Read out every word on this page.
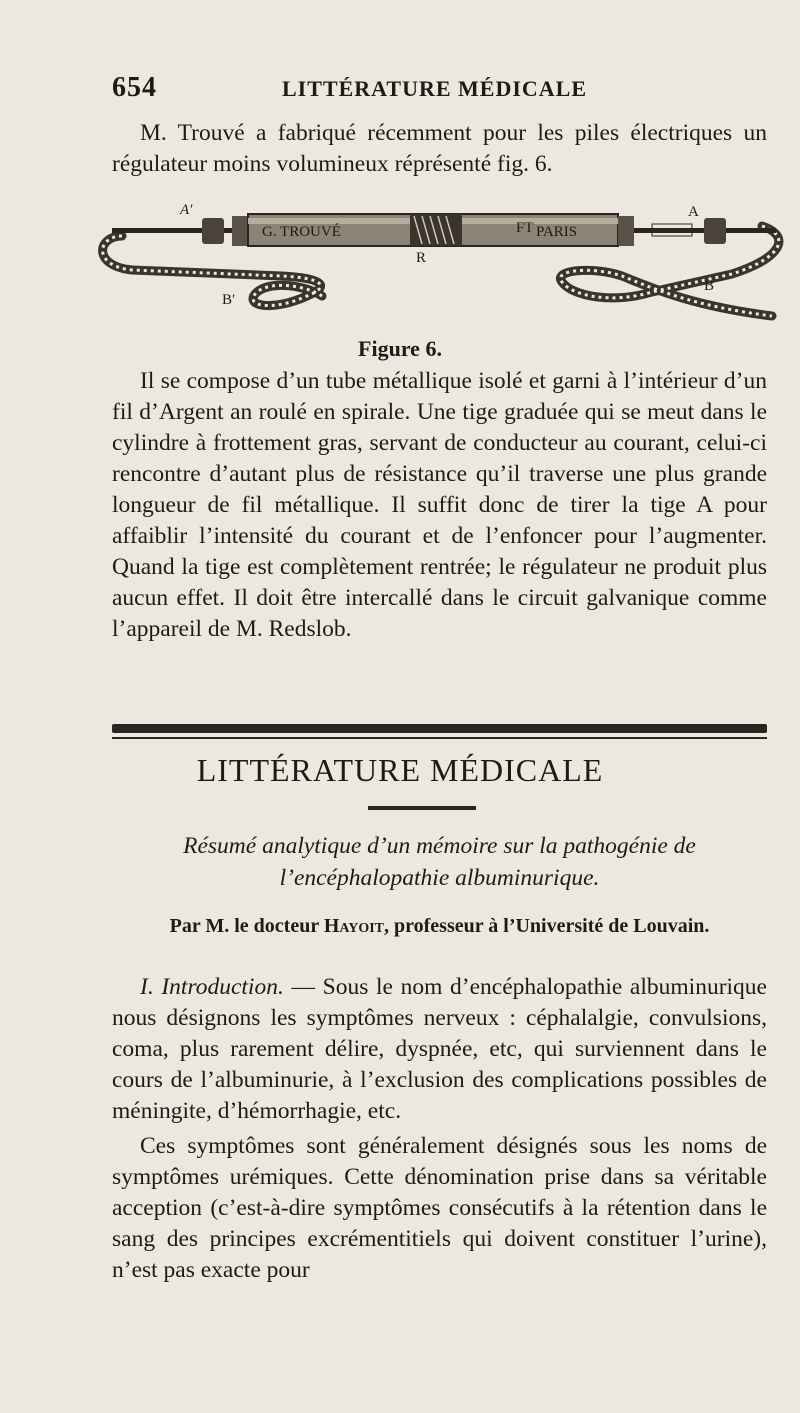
654	LITTÉRATURE MÉDICALE

M. Trouvé a fabriqué récemment pour les piles électriques un régulateur moins volumineux réprésenté fig. 6.

G. TROUVÉ	FT PARIS
A′	A
R
B′
B
Figure 6.

Il se compose d’un tube métallique isolé et garni à l’intérieur d’un fil d’Argent an roulé en spirale. Une tige graduée qui se meut dans le cylindre à frottement gras, servant de conducteur au courant, celui-ci rencontre d’autant plus de résistance qu’il traverse une plus grande longueur de fil métallique. Il suffit donc de tirer la tige A pour affaiblir l’intensité du courant et de l’enfoncer pour l’augmenter. Quand la tige est complètement rentrée; le régulateur ne produit plus aucun effet. Il doit être intercallé dans le circuit galvanique comme l’appareil de M. Redslob.

LITTÉRATURE MÉDICALE

Résumé analytique d’un mémoire sur la pathogénie de l’encéphalopathie albuminurique.

Par M. le docteur Hayoit, professeur à l’Université de Louvain.

I. Introduction. — Sous le nom d’encéphalopathie albuminurique nous désignons les symptômes nerveux : céphalalgie, convulsions, coma, plus rarement délire, dyspnée, etc, qui surviennent dans le cours de l’albuminurie, à l’exclusion des complications possibles de méningite, d’hémorrhagie, etc.

Ces symptômes sont généralement désignés sous les noms de symptômes urémiques. Cette dénomination prise dans sa véritable acception (c’est-à-dire symptômes consécutifs à la rétention dans le sang des principes excrémentitiels qui doivent constituer l’urine), n’est pas exacte pour
